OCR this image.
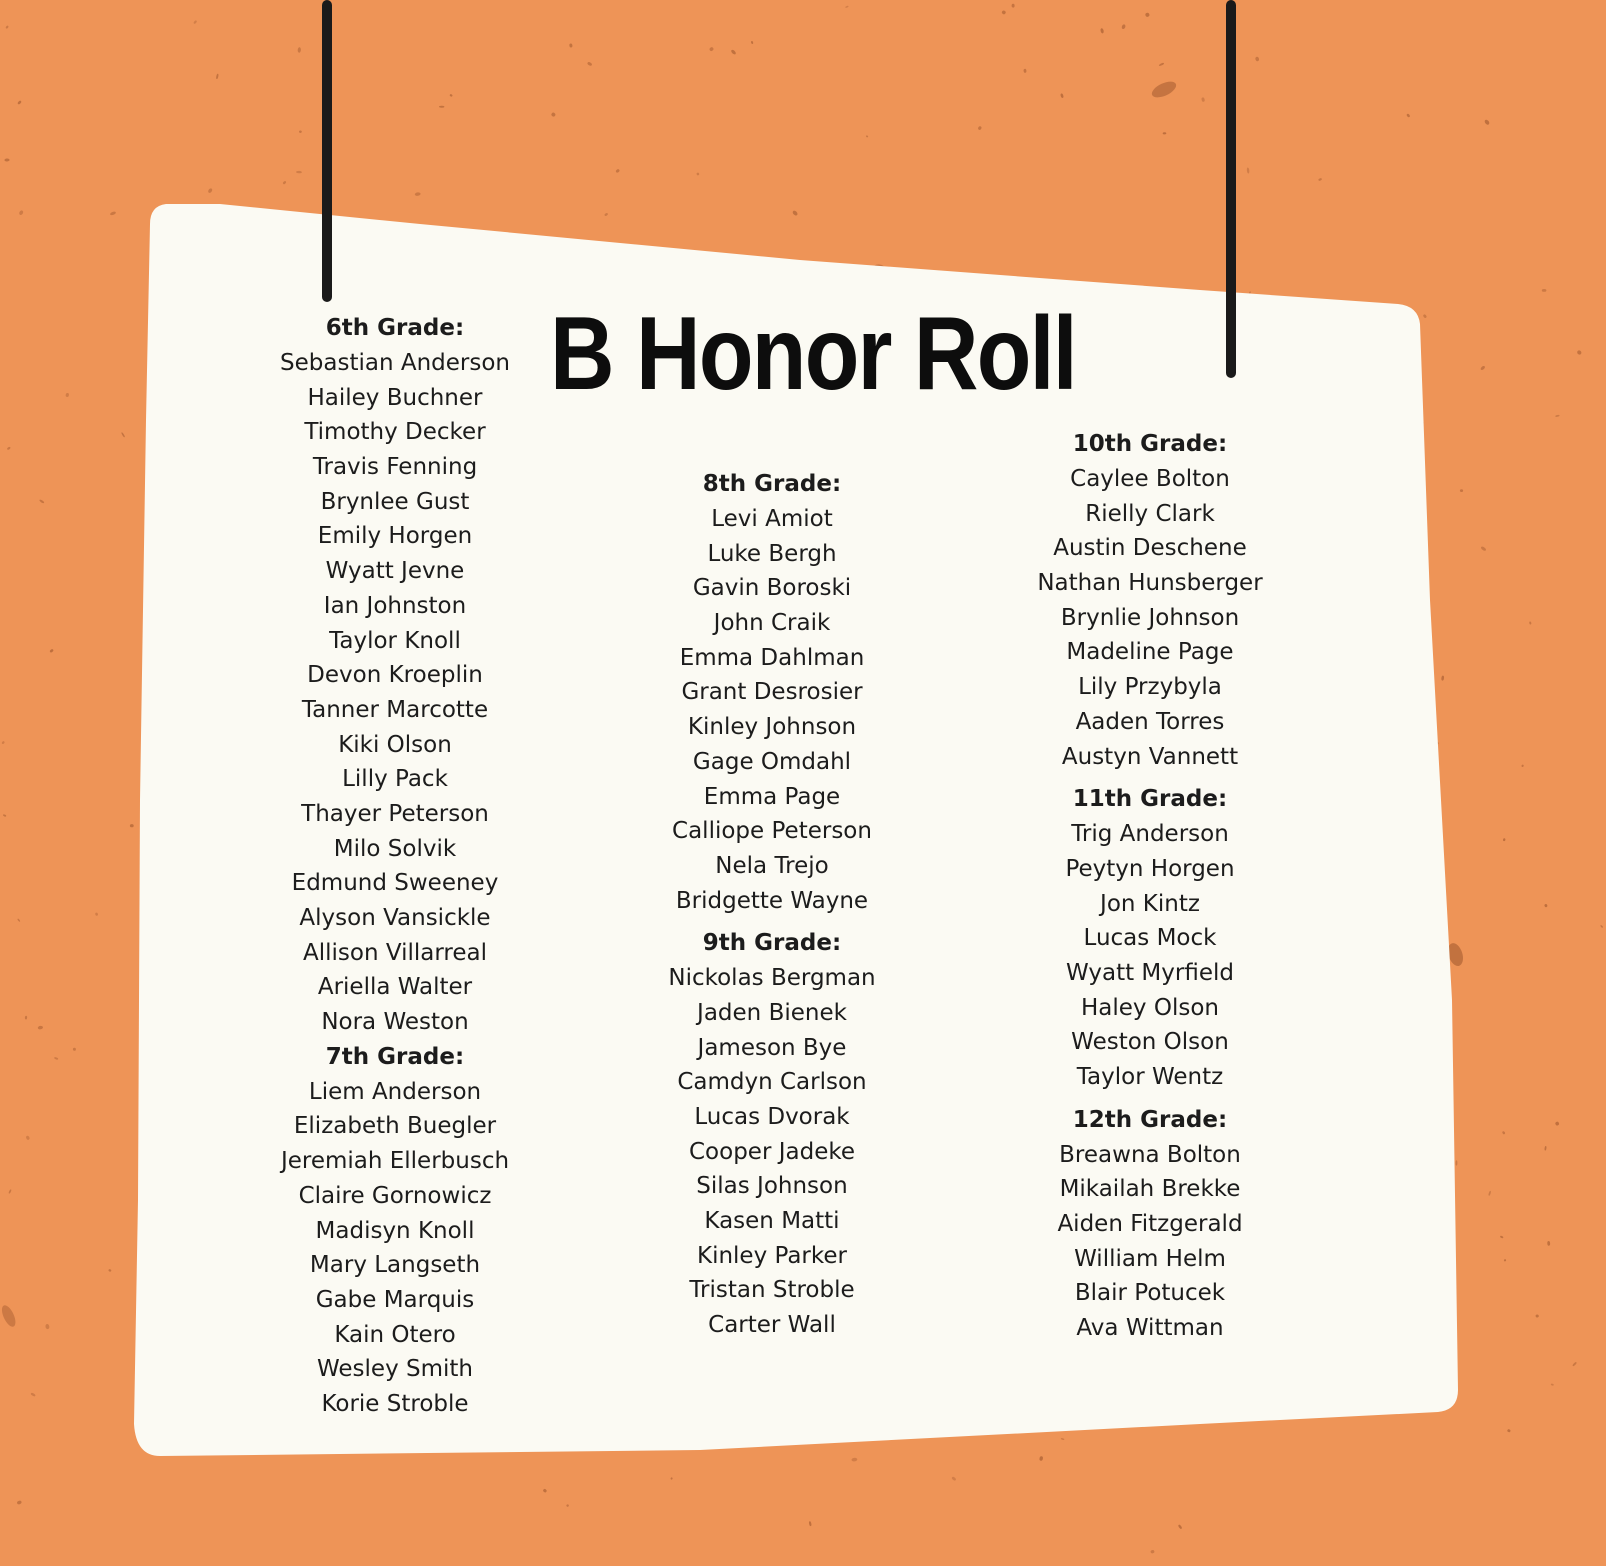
B Honor Roll
6th Grade:
Sebastian Anderson
Hailey Buchner
Timothy Decker
Travis Fenning
Brynlee Gust
Emily Horgen
Wyatt Jevne
Ian Johnston
Taylor Knoll
Devon Kroeplin
Tanner Marcotte
Kiki Olson
Lilly Pack
Thayer Peterson
Milo Solvik
Edmund Sweeney
Alyson Vansickle
Allison Villarreal
Ariella Walter
Nora Weston
7th Grade:
Liem Anderson
Elizabeth Buegler
Jeremiah Ellerbusch
Claire Gornowicz
Madisyn Knoll
Mary Langseth
Gabe Marquis
Kain Otero
Wesley Smith
Korie Stroble
8th Grade:
Levi Amiot
Luke Bergh
Gavin Boroski
John Craik
Emma Dahlman
Grant Desrosier
Kinley Johnson
Gage Omdahl
Emma Page
Calliope Peterson
Nela Trejo
Bridgette Wayne
9th Grade:
Nickolas Bergman
Jaden Bienek
Jameson Bye
Camdyn Carlson
Lucas Dvorak
Cooper Jadeke
Silas Johnson
Kasen Matti
Kinley Parker
Tristan Stroble
Carter Wall
10th Grade:
Caylee Bolton
Rielly Clark
Austin Deschene
Nathan Hunsberger
Brynlie Johnson
Madeline Page
Lily Przybyla
Aaden Torres
Austyn Vannett
11th Grade:
Trig Anderson
Peytyn Horgen
Jon Kintz
Lucas Mock
Wyatt Myrfield
Haley Olson
Weston Olson
Taylor Wentz
12th Grade:
Breawna Bolton
Mikailah Brekke
Aiden Fitzgerald
William Helm
Blair Potucek
Ava Wittman
